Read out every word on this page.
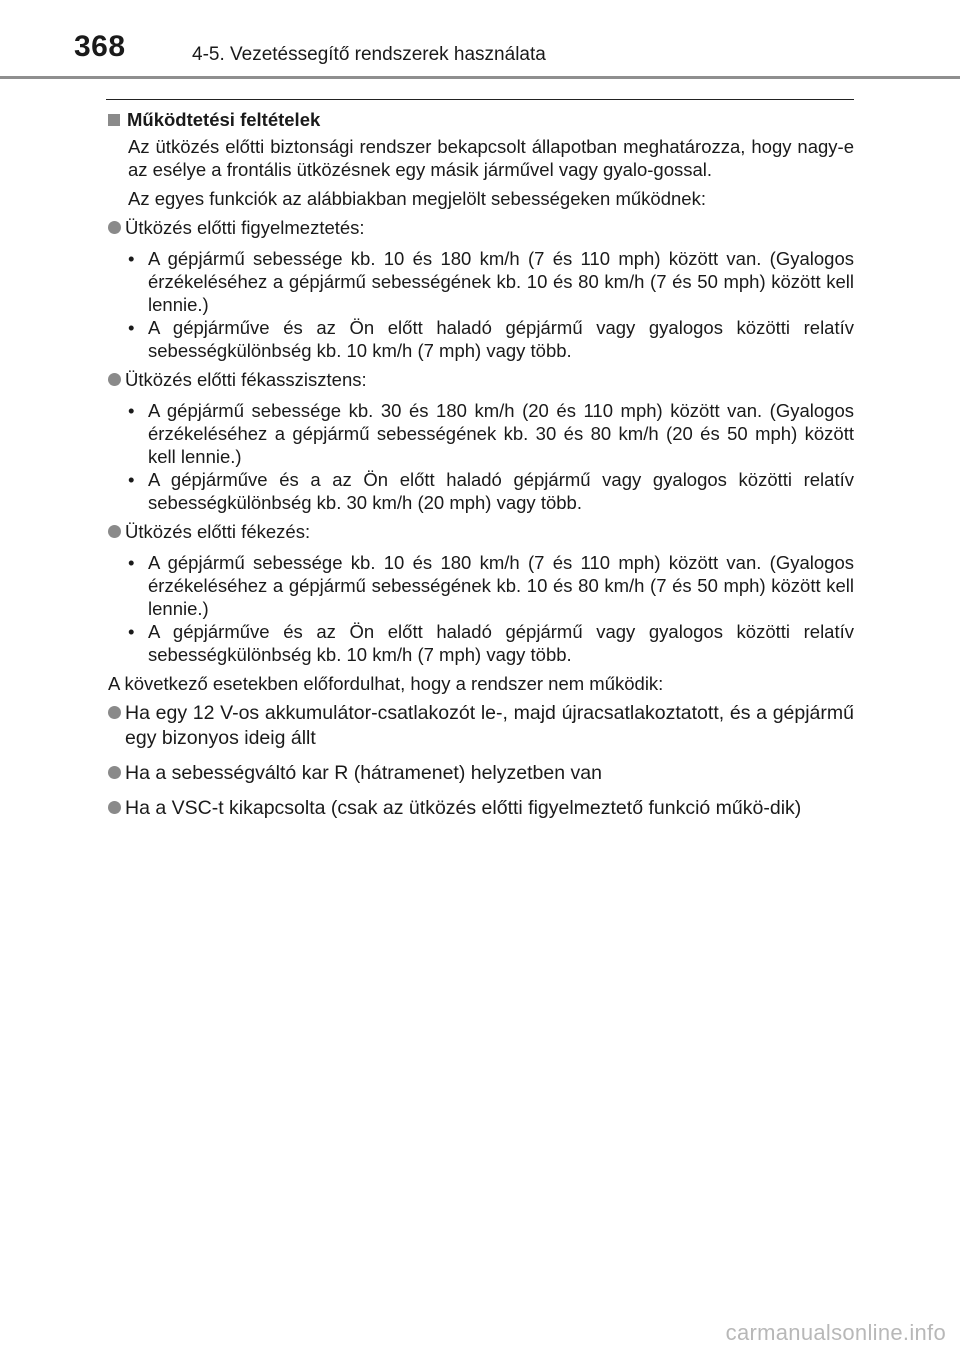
368	4-5. Vezetéssegítő rendszerek használata
Működtetési feltételek

Az ütközés előtti biztonsági rendszer bekapcsolt állapotban meghatározza, hogy nagy-e az esélye a frontális ütközésnek egy másik járművel vagy gyalo-gossal.

Az egyes funkciók az alábbiakban megjelölt sebességeken működnek:

Ütközés előtti figyelmeztetés:
• A gépjármű sebessége kb. 10 és 180 km/h (7 és 110 mph) között van. (Gyalogos érzékeléséhez a gépjármű sebességének kb. 10 és 80 km/h (7 és 50 mph) között kell lennie.)
• A gépjárműve és az Ön előtt haladó gépjármű vagy gyalogos közötti relatív sebességkülönbség kb. 10 km/h (7 mph) vagy több.
Ütközés előtti fékasszisztens:
• A gépjármű sebessége kb. 30 és 180 km/h (20 és 110 mph) között van. (Gyalogos érzékeléséhez a gépjármű sebességének kb. 30 és 80 km/h (20 és 50 mph) között kell lennie.)
• A gépjárműve és a az Ön előtt haladó gépjármű vagy gyalogos közötti relatív sebességkülönbség kb. 30 km/h (20 mph) vagy több.
Ütközés előtti fékezés:
• A gépjármű sebessége kb. 10 és 180 km/h (7 és 110 mph) között van. (Gyalogos érzékeléséhez a gépjármű sebességének kb. 10 és 80 km/h (7 és 50 mph) között kell lennie.)
• A gépjárműve és az Ön előtt haladó gépjármű vagy gyalogos közötti relatív sebességkülönbség kb. 10 km/h (7 mph) vagy több.

A következő esetekben előfordulhat, hogy a rendszer nem működik:

Ha egy 12 V-os akkumulátor-csatlakozót le-, majd újracsatlakoztatott, és a gépjármű egy bizonyos ideig állt
Ha a sebességváltó kar R (hátramenet) helyzetben van
Ha a VSC-t kikapcsolta (csak az ütközés előtti figyelmeztető funkció műkö-dik)
carmanualsonline.info
